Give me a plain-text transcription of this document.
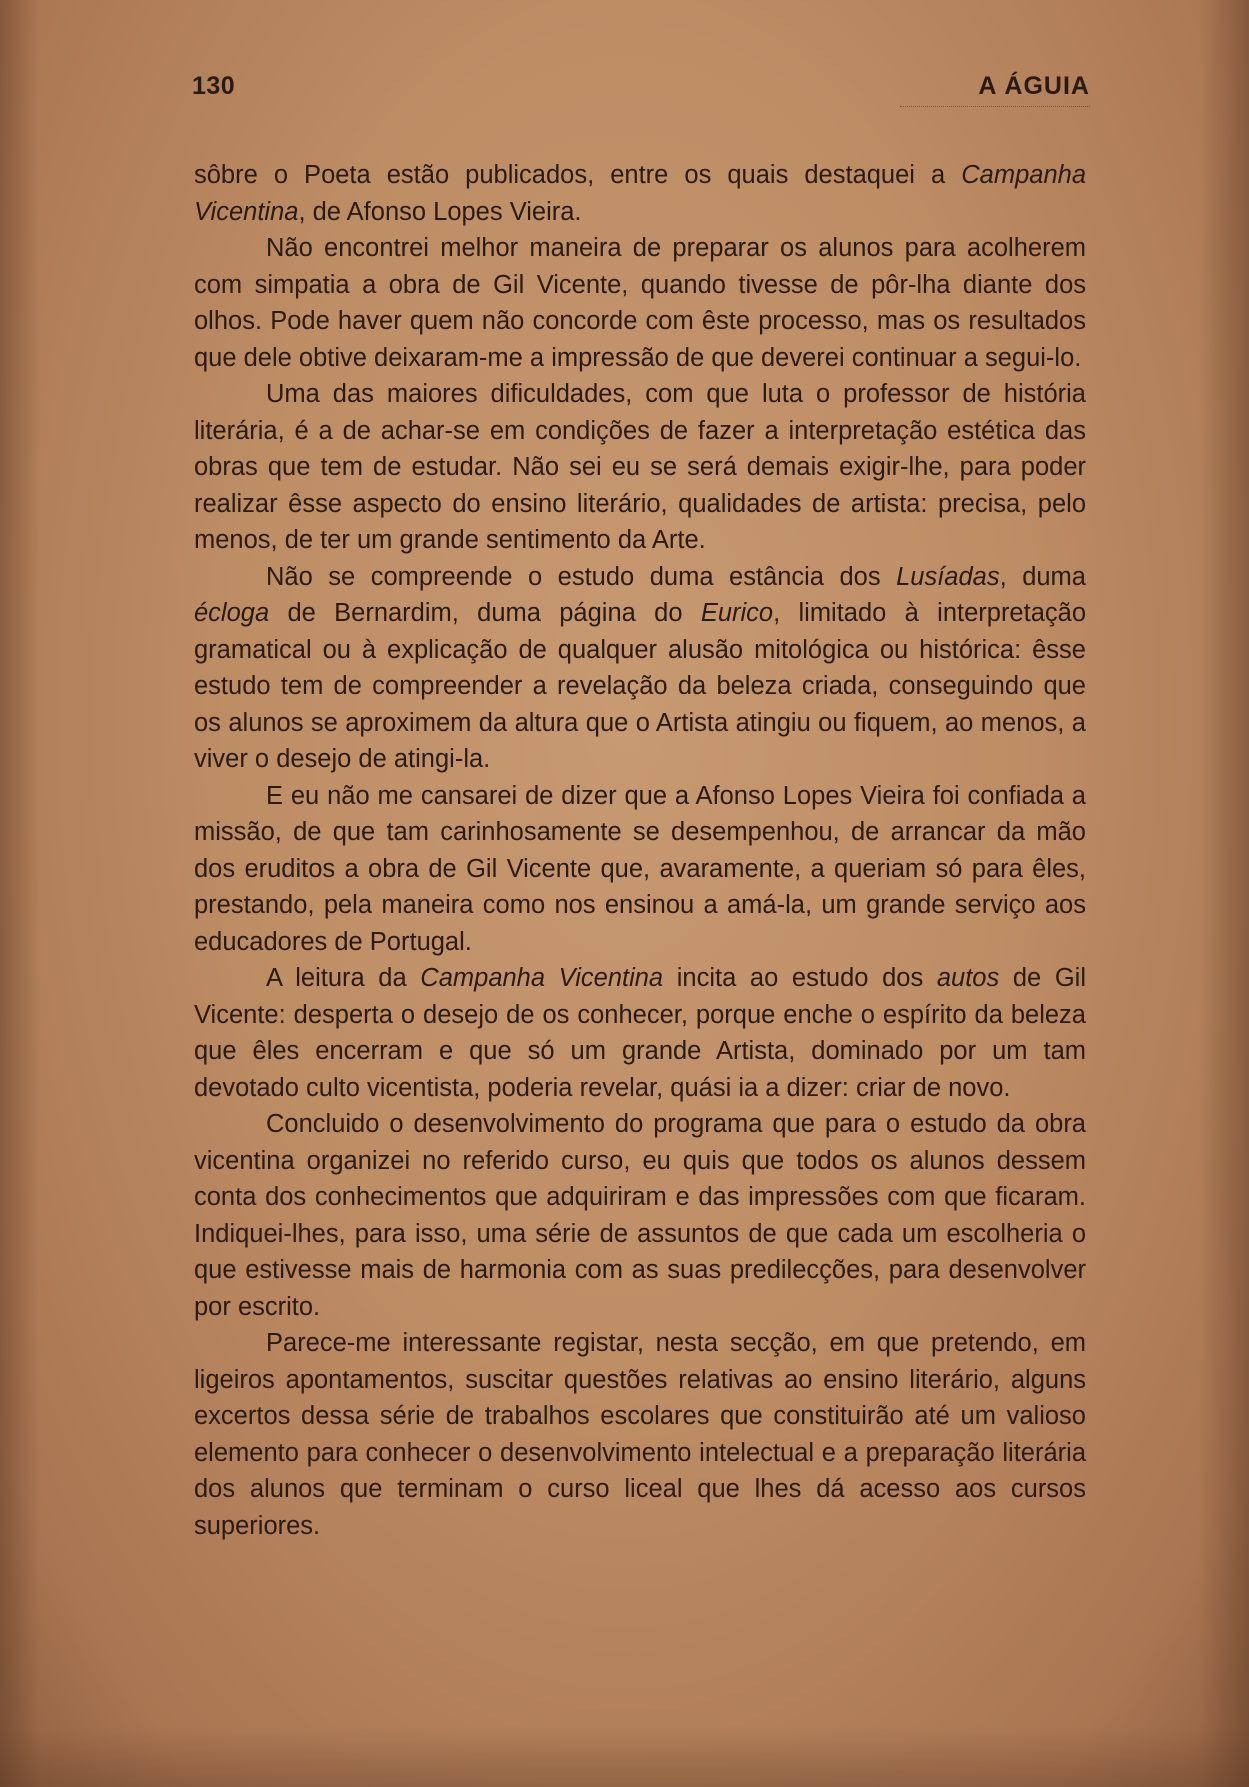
130	A ÁGUIA

sôbre o Poeta estão publicados, entre os quais destaquei a Campanha Vicentina, de Afonso Lopes Vieira.

Não encontrei melhor maneira de preparar os alunos para acolherem com simpatia a obra de Gil Vicente, quando tivesse de pôr-lha diante dos olhos. Pode haver quem não concorde com êste processo, mas os resultados que dele obtive deixaram-me a impressão de que deverei continuar a segui-lo.

Uma das maiores dificuldades, com que luta o professor de história literária, é a de achar-se em condições de fazer a interpretação estética das obras que tem de estudar. Não sei eu se será demais exigir-lhe, para poder realizar êsse aspecto do ensino literário, qualidades de artista: precisa, pelo menos, de ter um grande sentimento da Arte.

Não se compreende o estudo duma estância dos Lusíadas, duma écloga de Bernardim, duma página do Eurico, limitado à interpretação gramatical ou à explicação de qualquer alusão mitológica ou histórica: êsse estudo tem de compreender a revelação da beleza criada, conseguindo que os alunos se aproximem da altura que o Artista atingiu ou fiquem, ao menos, a viver o desejo de atingi-la.

E eu não me cansarei de dizer que a Afonso Lopes Vieira foi confiada a missão, de que tam carinhosamente se desempenhou, de arrancar da mão dos eruditos a obra de Gil Vicente que, avaramente, a queriam só para êles, prestando, pela maneira como nos ensinou a amá-la, um grande serviço aos educadores de Portugal.

A leitura da Campanha Vicentina incita ao estudo dos autos de Gil Vicente: desperta o desejo de os conhecer, porque enche o espírito da beleza que êles encerram e que só um grande Artista, dominado por um tam devotado culto vicentista, poderia revelar, quási ia a dizer: criar de novo.

Concluido o desenvolvimento do programa que para o estudo da obra vicentina organizei no referido curso, eu quis que todos os alunos dessem conta dos conhecimentos que adquiriram e das impressões com que ficaram. Indiquei-lhes, para isso, uma série de assuntos de que cada um escolheria o que estivesse mais de harmonia com as suas predilecções, para desenvolver por escrito.

Parece-me interessante registar, nesta secção, em que pretendo, em ligeiros apontamentos, suscitar questões relativas ao ensino literário, alguns excertos dessa série de trabalhos escolares que constituirão até um valioso elemento para conhecer o desenvolvimento intelectual e a preparação literária dos alunos que terminam o curso liceal que lhes dá acesso aos cursos superiores.
